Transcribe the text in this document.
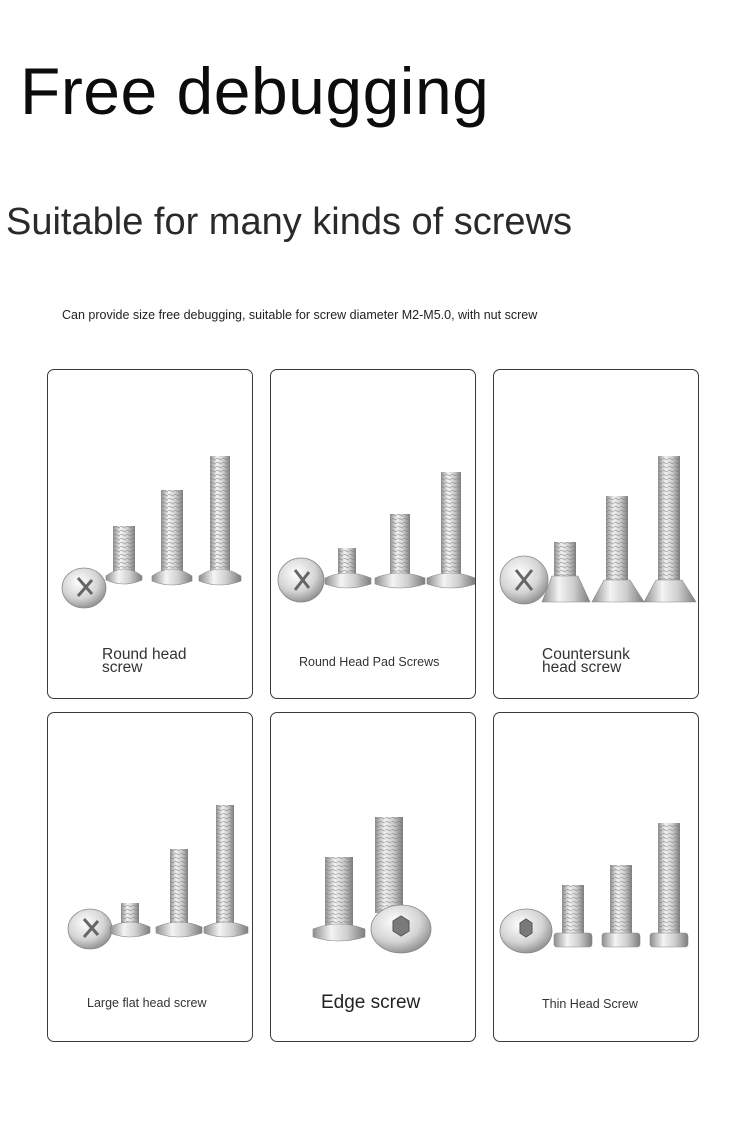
Free debugging
Suitable for many kinds of screws
Can provide size free debugging, suitable for screw diameter M2-M5.0, with nut screw
Round head
screw	Round Head Pad Screws	Countersunk
head screw
Large flat head screw	Edge screw	Thin Head Screw
